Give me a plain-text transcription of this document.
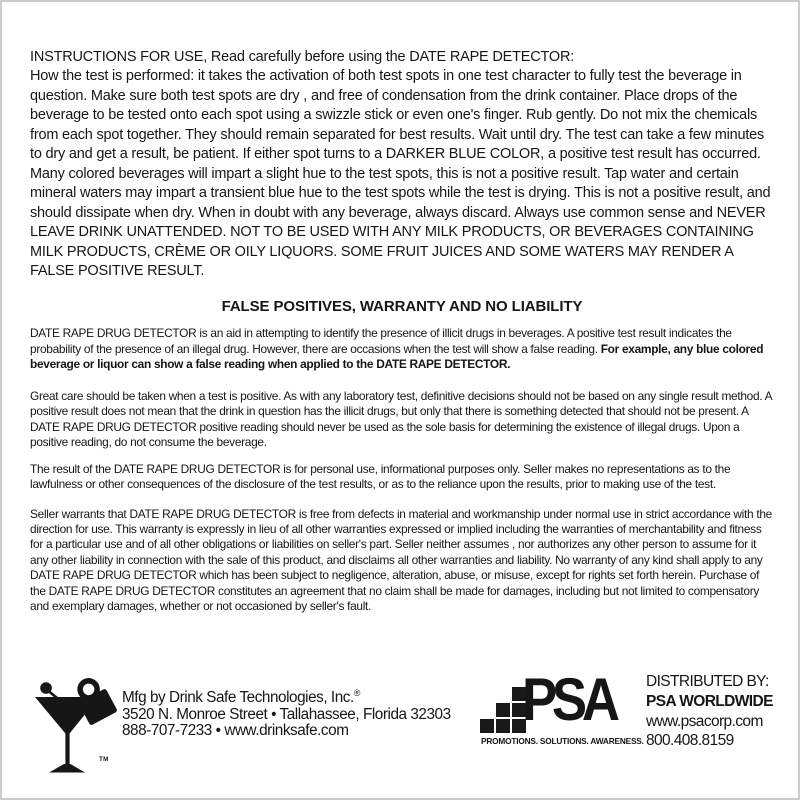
INSTRUCTIONS FOR USE, Read carefully before using the DATE RAPE DETECTOR:
How the test is performed: it takes the activation of both test spots in one test character to fully test the beverage in question. Make sure both test spots are dry , and free of condensation from the drink container. Place drops of the beverage to be tested onto each spot using a swizzle stick or even one's finger. Rub gently. Do not mix the chemicals from each spot together. They should remain separated for best results. Wait until dry. The test can take a few minutes to dry and get a result, be patient. If either spot turns to a DARKER BLUE COLOR, a positive test result has occurred. Many colored beverages will impart a slight hue to the test spots, this is not a positive result. Tap water and certain mineral waters may impart a transient blue hue to the test spots while the test is drying. This is not a positive result, and should dissipate when dry. When in doubt with any beverage, always discard. Always use common sense and NEVER LEAVE DRINK UNATTENDED. NOT TO BE USED WITH ANY MILK PRODUCTS, OR BEVERAGES CONTAINING MILK PRODUCTS, CRÈME OR OILY LIQUORS. SOME FRUIT JUICES AND SOME WATERS MAY RENDER A FALSE POSITIVE RESULT.
FALSE POSITIVES, WARRANTY AND NO LIABILITY
DATE RAPE DRUG DETECTOR is an aid in attempting to identify the presence of illicit drugs in beverages. A positive test result indicates the probability of the presence of an illegal drug. However, there are occasions when the test will show a false reading. For example, any blue colored beverage or liquor can show a false reading when applied to the DATE RAPE DETECTOR.
Great care should be taken when a test is positive. As with any laboratory test, definitive decisions should not be based on any single result method. A positive result does not mean that the drink in question has the illicit drugs, but only that there is something detected that should not be present. A DATE RAPE DRUG DETECTOR positive reading should never be used as the sole basis for determining the existence of illegal drugs. Upon a positive reading, do not consume the beverage.
The result of the DATE RAPE DRUG DETECTOR is for personal use, informational purposes only. Seller makes no representations as to the lawfulness or other consequences of the disclosure of the test results, or as to the reliance upon the results, prior to making use of the test.
Seller warrants that DATE RAPE DRUG DETECTOR is free from defects in material and workmanship under normal use in strict accordance with the direction for use. This warranty is expressly in lieu of all other warranties expressed or implied including the warranties of merchantability and fitness for a particular use and of all other obligations or liabilities on seller's part. Seller neither assumes , nor authorizes any other person to assume for it any other liability in connection with the sale of this product, and disclaims all other warranties and liability. No warranty of any kind shall apply to any DATE RAPE DRUG DETECTOR which has been subject to negligence, alteration, abuse, or misuse, except for rights set forth herein. Purchase of the DATE RAPE DRUG DETECTOR constitutes an agreement that no claim shall be made for damages, including but not limited to compensatory and exemplary damages, whether or not occasioned by seller's fault.
TM
Mfg by Drink Safe Technologies, Inc.®
3520 N. Monroe Street • Tallahassee, Florida 32303
888-707-7233 • www.drinksafe.com	PSA
PROMOTIONS. SOLUTIONS. AWARENESS.
DISTRIBUTED BY:
PSA WORLDWIDE
www.psacorp.com
800.408.8159
